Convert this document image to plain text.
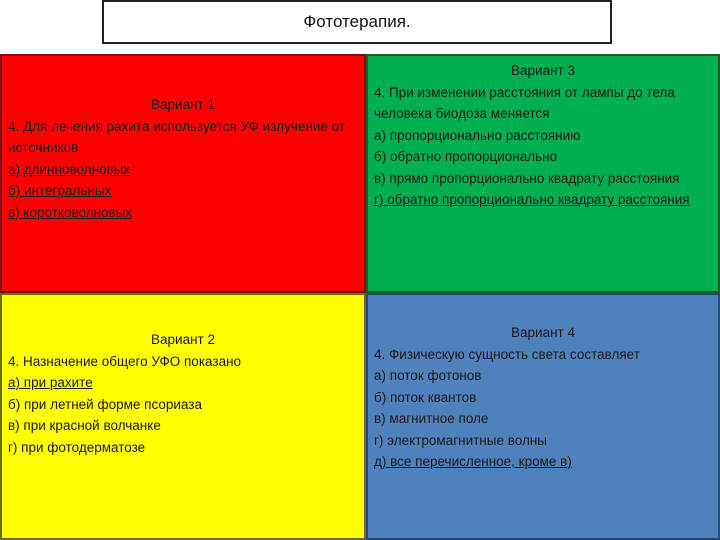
Фототерапия.
Вариант 1
4. Для лечения рахита используется УФ излучение от источников
а) длинноволновых
б) интегральных
в) коротковолновых
Вариант 3
4. При изменении расстояния от лампы до тела человека биодоза меняется
а) пропорционально расстоянию
б) обратно пропорционально
в) прямо пропорционально квадрату расстояния
г) обратно пропорционально квадрату расстояния
Вариант 2
4. Назначение общего УФО показано
а) при рахите
б) при летней форме псориаза
в) при красной волчанке
г) при фотодерматозе
Вариант 4
4. Физическую сущность света составляет
а) поток фотонов
б) поток квантов
в) магнитное поле
г) электромагнитные волны
д) все перечисленное, кроме в)
